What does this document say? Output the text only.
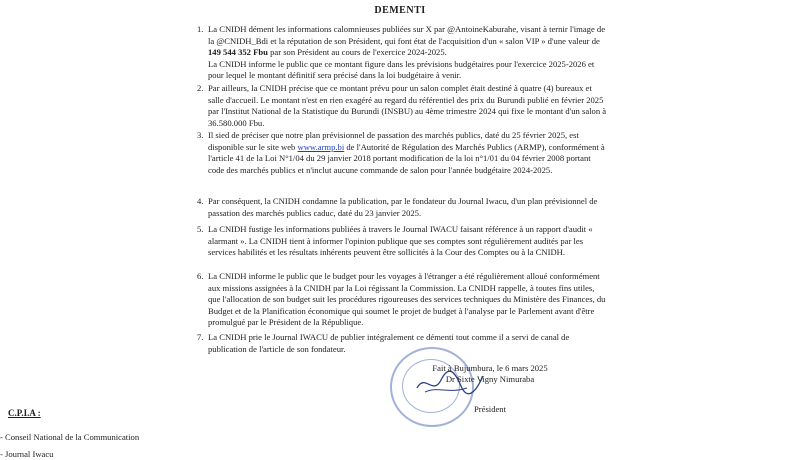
DEMENTI
1. La CNIDH dément les informations calomnieuses publiées sur X par @AntoineKaburahe, visant à ternir l'image de la @CNIDH_Bdi et la réputation de son Président, qui font état de l'acquisition d'un « salon VIP » d'une valeur de 149 544 352 Fbu par son Président au cours de l'exercice 2024-2025.

La CNIDH informe le public que ce montant figure dans les prévisions budgétaires pour l'exercice 2025-2026 et pour lequel le montant définitif sera précisé dans la loi budgétaire à venir.

2. Par ailleurs, la CNIDH précise que ce montant prévu pour un salon complet était destiné à quatre (4) bureaux et salle d'accueil. Le montant n'est en rien exagéré au regard du référentiel des prix du Burundi publié en février 2025 par l'Institut National de la Statistique du Burundi (INSBU) au 4ème trimestre 2024 qui fixe le montant d'un salon à 36.580.000 Fbu.

3. Il sied de préciser que notre plan prévisionnel de passation des marchés publics, daté du 25 février 2025, est disponible sur le site web www.armp.bi de l'Autorité de Régulation des Marchés Publics (ARMP), conformément à l'article 41 de la Loi N°1/04 du 29 janvier 2018 portant modification de la loi n°1/01 du 04 février 2008 portant code des marchés publics et n'inclut aucune commande de salon pour l'année budgétaire 2024-2025.

4. Par conséquent, la CNIDH condamne la publication, par le fondateur du Journal Iwacu, d'un plan prévisionnel de passation des marchés publics caduc, daté du 23 janvier 2025.

5. La CNIDH fustige les informations publiées à travers le Journal IWACU faisant référence à un rapport d'audit « alarmant ». La CNIDH tient à informer l'opinion publique que ses comptes sont régulièrement audités par les services habilités et les résultats inhérents peuvent être sollicités à la Cour des Comptes ou à la CNIDH.

6. La CNIDH informe le public que le budget pour les voyages à l'étranger a été régulièrement alloué conformément aux missions assignées à la CNIDH par la Loi régissant la Commission. La CNIDH rappelle, à toutes fins utiles, que l'allocation de son budget suit les procédures rigoureuses des services techniques du Ministère des Finances, du Budget et de la Planification économique qui soumet le projet de budget à l'analyse par le Parlement avant d'être promulgué par le Président de la République.

7. La CNIDH prie le Journal IWACU de publier intégralement ce démenti tout comme il a servi de canal de publication de l'article de son fondateur.

Fait à Bujumbura, le 6 mars 2025
Dr Sixte Vigny Nimuraba
Président
C.P.I.A :
- Conseil National de la Communication
- Journal Iwacu
